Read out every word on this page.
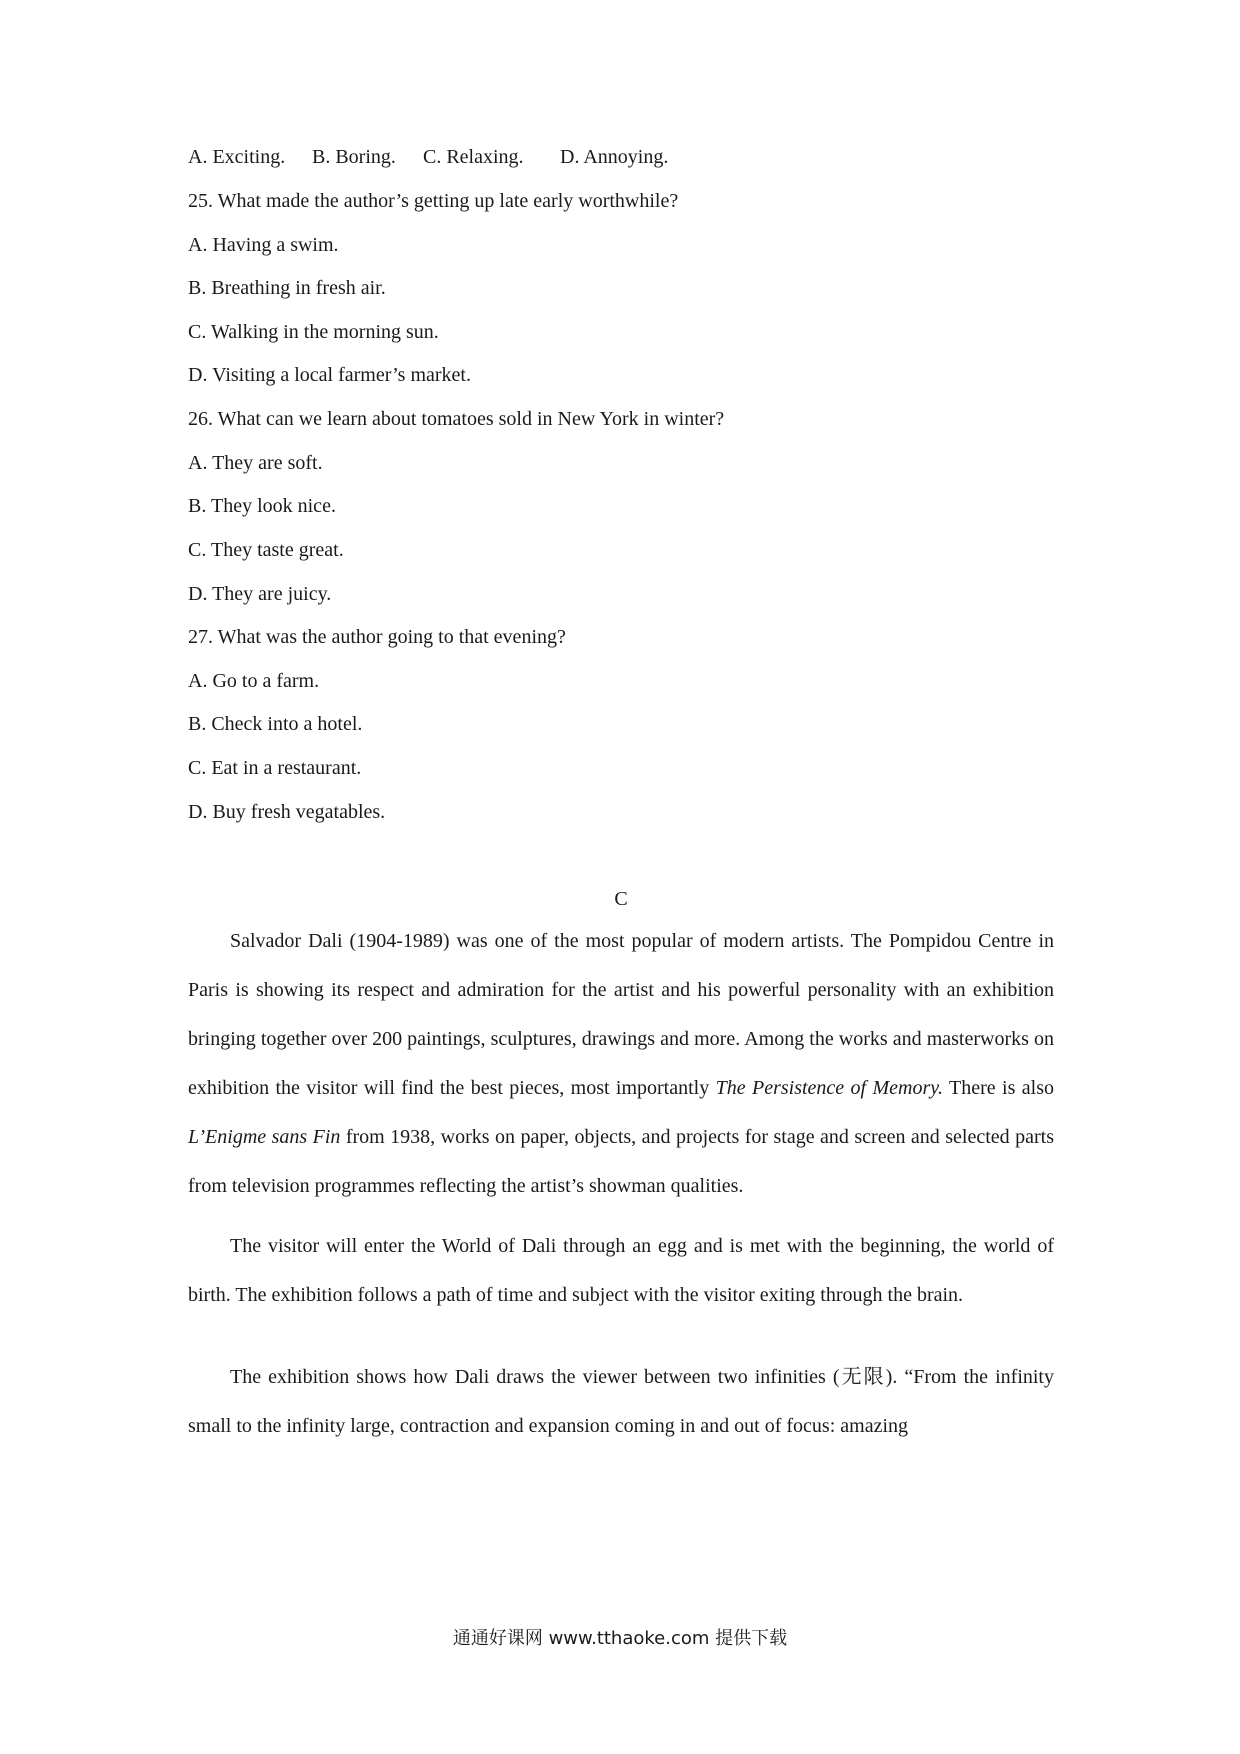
A. Exciting. B. Boring. C. Relaxing. D. Annoying.
25. What made the author’s getting up late early worthwhile?
A. Having a swim.
B. Breathing in fresh air.
C. Walking in the morning sun.
D. Visiting a local farmer’s market.
26. What can we learn about tomatoes sold in New York in winter?
A. They are soft.
B. They look nice.
C. They taste great.
D. They are juicy.
27. What was the author going to that evening?
A. Go to a farm.
B. Check into a hotel.
C. Eat in a restaurant.
D. Buy fresh vegatables.
C
Salvador Dali (1904-1989) was one of the most popular of modern artists. The Pompidou Centre in Paris is showing its respect and admiration for the artist and his powerful personality with an exhibition bringing together over 200 paintings, sculptures, drawings and more. Among the works and masterworks on exhibition the visitor will find the best pieces, most importantly The Persistence of Memory. There is also L’Enigme sans Fin from 1938, works on paper, objects, and projects for stage and screen and selected parts from television programmes reflecting the artist’s showman qualities.
The visitor will enter the World of Dali through an egg and is met with the beginning, the world of birth. The exhibition follows a path of time and subject with the visitor exiting through the brain.
The exhibition shows how Dali draws the viewer between two infinities (无限). “From the infinity small to the infinity large, contraction and expansion coming in and out of focus: amazing
通通好课网 www.tthaoke.com 提供下载
